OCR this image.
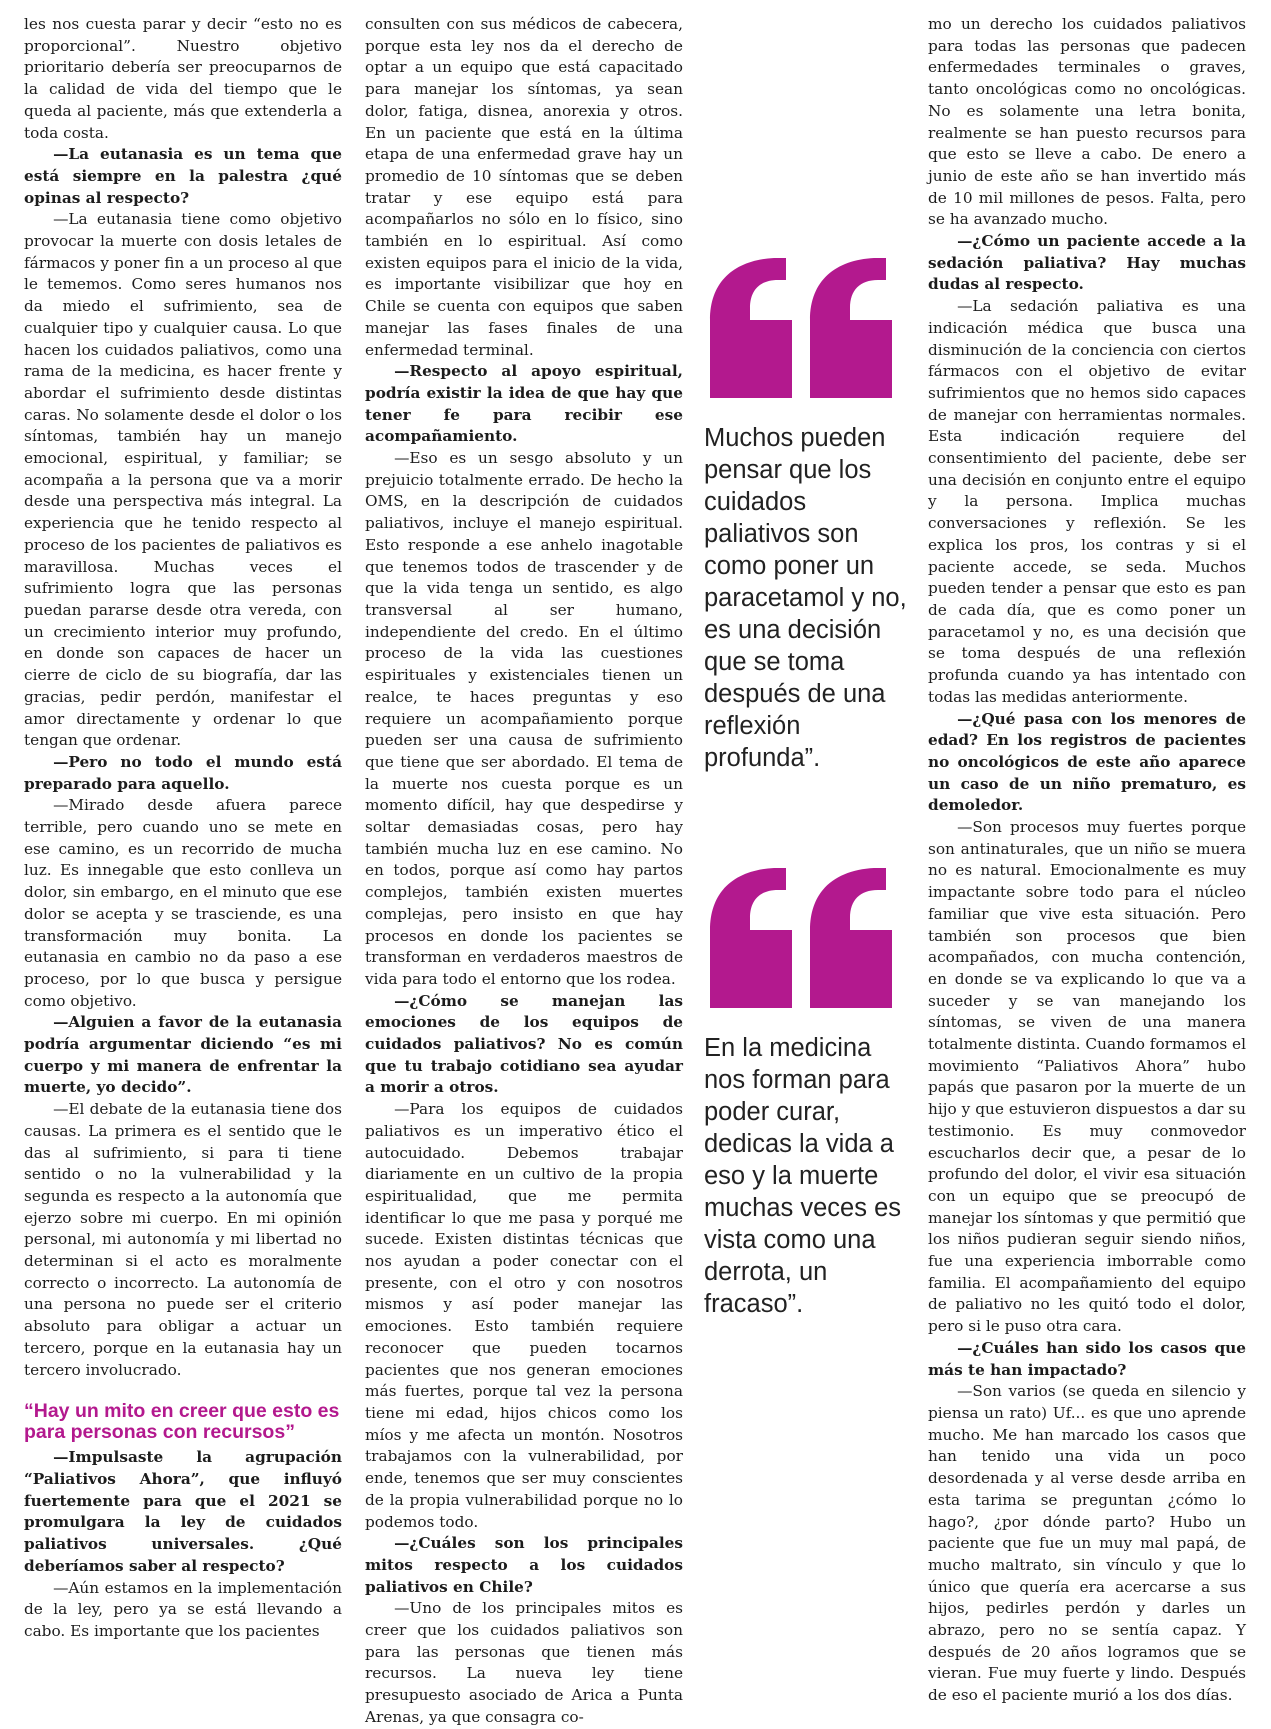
les nos cuesta parar y decir “esto no es proporcional”. Nuestro objetivo prioritario debería ser preocuparnos de la calidad de vida del tiempo que le queda al paciente, más que extenderla a toda costa.

—La eutanasia es un tema que está siempre en la palestra ¿qué opinas al respecto?

—La eutanasia tiene como objetivo provocar la muerte con dosis letales de fármacos y poner fin a un proceso al que le tememos. Como seres humanos nos da miedo el sufrimiento, sea de cualquier tipo y cualquier causa. Lo que hacen los cuidados paliativos, como una rama de la medicina, es hacer frente y abordar el sufrimiento desde distintas caras. No solamente desde el dolor o los síntomas, también hay un manejo emocional, espiritual, y familiar; se acompaña a la persona que va a morir desde una perspectiva más integral. La experiencia que he tenido respecto al proceso de los pacientes de paliativos es maravillosa. Muchas veces el sufrimiento logra que las personas puedan pararse desde otra vereda, con un crecimiento interior muy profundo, en donde son capaces de hacer un cierre de ciclo de su biografía, dar las gracias, pedir perdón, manifestar el amor directamente y ordenar lo que tengan que ordenar.

—Pero no todo el mundo está preparado para aquello.

—Mirado desde afuera parece terrible, pero cuando uno se mete en ese camino, es un recorrido de mucha luz. Es innegable que esto conlleva un dolor, sin embargo, en el minuto que ese dolor se acepta y se trasciende, es una transformación muy bonita. La eutanasia en cambio no da paso a ese proceso, por lo que busca y persigue como objetivo.

—Alguien a favor de la eutanasia podría argumentar diciendo “es mi cuerpo y mi manera de enfrentar la muerte, yo decido”.

—El debate de la eutanasia tiene dos causas. La primera es el sentido que le das al sufrimiento, si para ti tiene sentido o no la vulnerabilidad y la segunda es respecto a la autonomía que ejerzo sobre mi cuerpo. En mi opinión personal, mi autonomía y mi libertad no determinan si el acto es moralmente correcto o incorrecto. La autonomía de una persona no puede ser el criterio absoluto para obligar a actuar un tercero, porque en la eutanasia hay un tercero involucrado.

“Hay un mito en creer que esto es para personas con recursos”

—Impulsaste la agrupación “Paliativos Ahora”, que influyó fuertemente para que el 2021 se promulgara la ley de cuidados paliativos universales. ¿Qué deberíamos saber al respecto?

—Aún estamos en la implementación de la ley, pero ya se está llevando a cabo. Es importante que los pacientes

consulten con sus médicos de cabecera, porque esta ley nos da el derecho de optar a un equipo que está capacitado para manejar los síntomas, ya sean dolor, fatiga, disnea, anorexia y otros. En un paciente que está en la última etapa de una enfermedad grave hay un promedio de 10 síntomas que se deben tratar y ese equipo está para acompañarlos no sólo en lo físico, sino también en lo espiritual. Así como existen equipos para el inicio de la vida, es importante visibilizar que hoy en Chile se cuenta con equipos que saben manejar las fases finales de una enfermedad terminal.

—Respecto al apoyo espiritual, podría existir la idea de que hay que tener fe para recibir ese acompañamiento.

—Eso es un sesgo absoluto y un prejuicio totalmente errado. De hecho la OMS, en la descripción de cuidados paliativos, incluye el manejo espiritual. Esto responde a ese anhelo inagotable que tenemos todos de trascender y de que la vida tenga un sentido, es algo transversal al ser humano, independiente del credo. En el último proceso de la vida las cuestiones espirituales y existenciales tienen un realce, te haces preguntas y eso requiere un acompañamiento porque pueden ser una causa de sufrimiento que tiene que ser abordado. El tema de la muerte nos cuesta porque es un momento difícil, hay que despedirse y soltar demasiadas cosas, pero hay también mucha luz en ese camino. No en todos, porque así como hay partos complejos, también existen muertes complejas, pero insisto en que hay procesos en donde los pacientes se transforman en verdaderos maestros de vida para todo el entorno que los rodea.

—¿Cómo se manejan las emociones de los equipos de cuidados paliativos? No es común que tu trabajo cotidiano sea ayudar a morir a otros.

—Para los equipos de cuidados paliativos es un imperativo ético el autocuidado. Debemos trabajar diariamente en un cultivo de la propia espiritualidad, que me permita identificar lo que me pasa y porqué me sucede. Existen distintas técnicas que nos ayudan a poder conectar con el presente, con el otro y con nosotros mismos y así poder manejar las emociones. Esto también requiere reconocer que pueden tocarnos pacientes que nos generan emociones más fuertes, porque tal vez la persona tiene mi edad, hijos chicos como los míos y me afecta un montón. Nosotros trabajamos con la vulnerabilidad, por ende, tenemos que ser muy conscientes de la propia vulnerabilidad porque no lo podemos todo.

—¿Cuáles son los principales mitos respecto a los cuidados paliativos en Chile?

—Uno de los principales mitos es creer que los cuidados paliativos son para las personas que tienen más recursos. La nueva ley tiene presupuesto asociado de Arica a Punta Arenas, ya que consagra co-

Muchos pueden pensar que los cuidados paliativos son como poner un paracetamol y no, es una decisión que se toma después de una reflexión profunda”.

En la medicina nos forman para poder curar, dedicas la vida a eso y la muerte muchas veces es vista como una derrota, un fracaso”.

mo un derecho los cuidados paliativos para todas las personas que padecen enfermedades terminales o graves, tanto oncológicas como no oncológicas. No es solamente una letra bonita, realmente se han puesto recursos para que esto se lleve a cabo. De enero a junio de este año se han invertido más de 10 mil millones de pesos. Falta, pero se ha avanzado mucho.

—¿Cómo un paciente accede a la sedación paliativa? Hay muchas dudas al respecto.

—La sedación paliativa es una indicación médica que busca una disminución de la conciencia con ciertos fármacos con el objetivo de evitar sufrimientos que no hemos sido capaces de manejar con herramientas normales. Esta indicación requiere del consentimiento del paciente, debe ser una decisión en conjunto entre el equipo y la persona. Implica muchas conversaciones y reflexión. Se les explica los pros, los contras y si el paciente accede, se seda. Muchos pueden tender a pensar que esto es pan de cada día, que es como poner un paracetamol y no, es una decisión que se toma después de una reflexión profunda cuando ya has intentado con todas las medidas anteriormente.

—¿Qué pasa con los menores de edad? En los registros de pacientes no oncológicos de este año aparece un caso de un niño prematuro, es demoledor.

—Son procesos muy fuertes porque son antinaturales, que un niño se muera no es natural. Emocionalmente es muy impactante sobre todo para el núcleo familiar que vive esta situación. Pero también son procesos que bien acompañados, con mucha contención, en donde se va explicando lo que va a suceder y se van manejando los síntomas, se viven de una manera totalmente distinta. Cuando formamos el movimiento “Paliativos Ahora” hubo papás que pasaron por la muerte de un hijo y que estuvieron dispuestos a dar su testimonio. Es muy conmovedor escucharlos decir que, a pesar de lo profundo del dolor, el vivir esa situación con un equipo que se preocupó de manejar los síntomas y que permitió que los niños pudieran seguir siendo niños, fue una experiencia imborrable como familia. El acompañamiento del equipo de paliativo no les quitó todo el dolor, pero si le puso otra cara.

—¿Cuáles han sido los casos que más te han impactado?

—Son varios (se queda en silencio y piensa un rato) Uf... es que uno aprende mucho. Me han marcado los casos que han tenido una vida un poco desordenada y al verse desde arriba en esta tarima se preguntan ¿cómo lo hago?, ¿por dónde parto? Hubo un paciente que fue un muy mal papá, de mucho maltrato, sin vínculo y que lo único que quería era acercarse a sus hijos, pedirles perdón y darles un abrazo, pero no se sentía capaz. Y después de 20 años logramos que se vieran. Fue muy fuerte y lindo. Después de eso el paciente murió a los dos días.
